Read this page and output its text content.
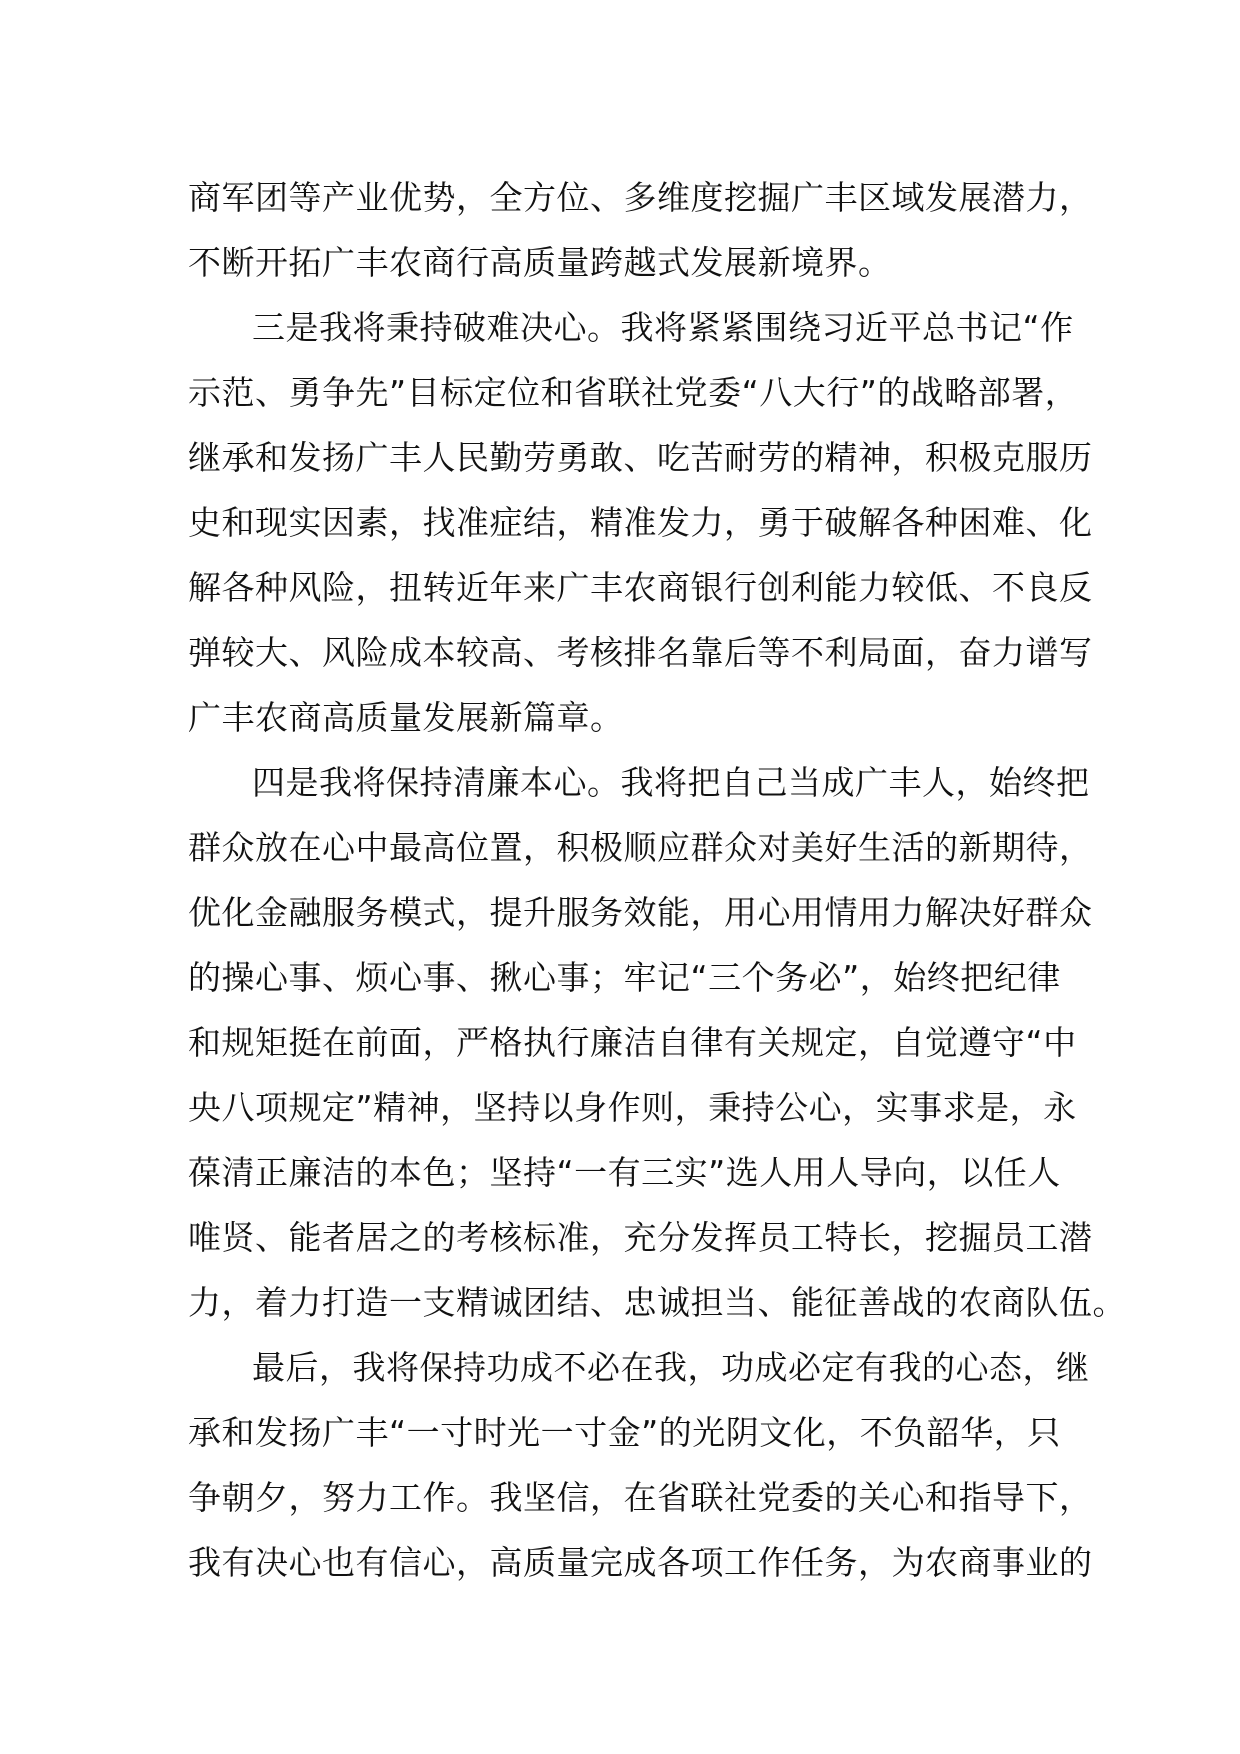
商军团等产业优势，全方位、多维度挖掘广丰区域发展潜力，
不断开拓广丰农商行高质量跨越式发展新境界。
三是我将秉持破难决心。我将紧紧围绕习近平总书记“作
示范、勇争先”目标定位和省联社党委“八大行”的战略部署，
继承和发扬广丰人民勤劳勇敢、吃苦耐劳的精神，积极克服历
史和现实因素，找准症结，精准发力，勇于破解各种困难、化
解各种风险，扭转近年来广丰农商银行创利能力较低、不良反
弹较大、风险成本较高、考核排名靠后等不利局面，奋力谱写
广丰农商高质量发展新篇章。
四是我将保持清廉本心。我将把自己当成广丰人，始终把
群众放在心中最高位置，积极顺应群众对美好生活的新期待，
优化金融服务模式，提升服务效能，用心用情用力解决好群众
的操心事、烦心事、揪心事；牢记“三个务必”，始终把纪律
和规矩挺在前面，严格执行廉洁自律有关规定，自觉遵守“中
央八项规定”精神，坚持以身作则，秉持公心，实事求是，永
葆清正廉洁的本色；坚持“一有三实”选人用人导向，以任人
唯贤、能者居之的考核标准，充分发挥员工特长，挖掘员工潜
力，着力打造一支精诚团结、忠诚担当、能征善战的农商队伍。
最后，我将保持功成不必在我，功成必定有我的心态，继
承和发扬广丰“一寸时光一寸金”的光阴文化，不负韶华，只
争朝夕，努力工作。我坚信，在省联社党委的关心和指导下，
我有决心也有信心，高质量完成各项工作任务，为农商事业的
